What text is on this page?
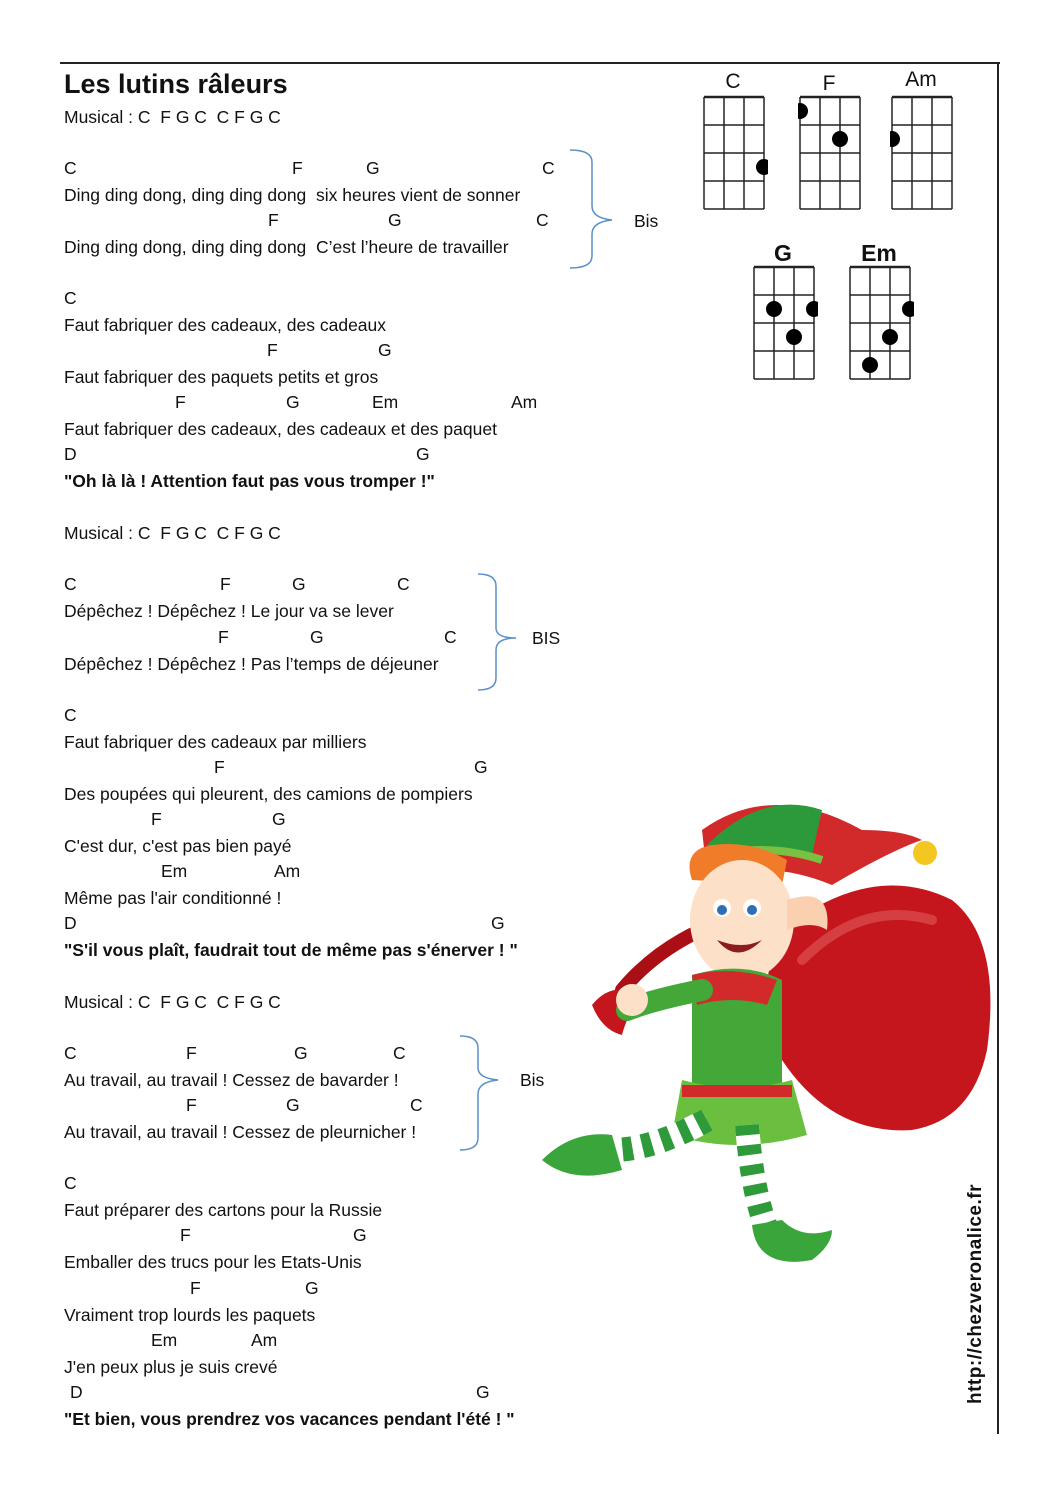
Les lutins râleurs
Musical : C  F G C  C F G C
C	F	G	C
Ding ding dong, ding ding dong  six heures vient de sonner
F	G	C
Ding ding dong, ding ding dong  C’est l’heure de travailler
Bis
C
Faut fabriquer des cadeaux, des cadeaux
F	G
Faut fabriquer des paquets petits et gros
F	G	Em	Am
Faut fabriquer des cadeaux, des cadeaux et des paquet
D	G
"Oh là là ! Attention faut pas vous tromper !"
Musical : C  F G C  C F G C
C	F	G	C
Dépêchez ! Dépêchez ! Le jour va se lever
F	G	C
Dépêchez ! Dépêchez ! Pas l’temps de déjeuner
BIS
C
Faut fabriquer des cadeaux par milliers
F	G
Des poupées qui pleurent, des camions de pompiers
F	G
C'est dur, c'est pas bien payé
Em	Am
Même pas l'air conditionné !
D	G
"S'il vous plaît, faudrait tout de même pas s'énerver ! "
Musical : C  F G C  C F G C
C	F	G	C
Au travail, au travail ! Cessez de bavarder !
F	G	C
Au travail, au travail ! Cessez de pleurnicher !
Bis
C
Faut préparer des cartons pour la Russie
F	G
Emballer des trucs pour les Etats-Unis
F	G
Vraiment trop lourds les paquets
Em	Am
J'en peux plus je suis crevé
D	G
"Et bien, vous prendrez vos vacances pendant l'été ! "
C	F	Am
G	Em
http://chezveronalice.fr
